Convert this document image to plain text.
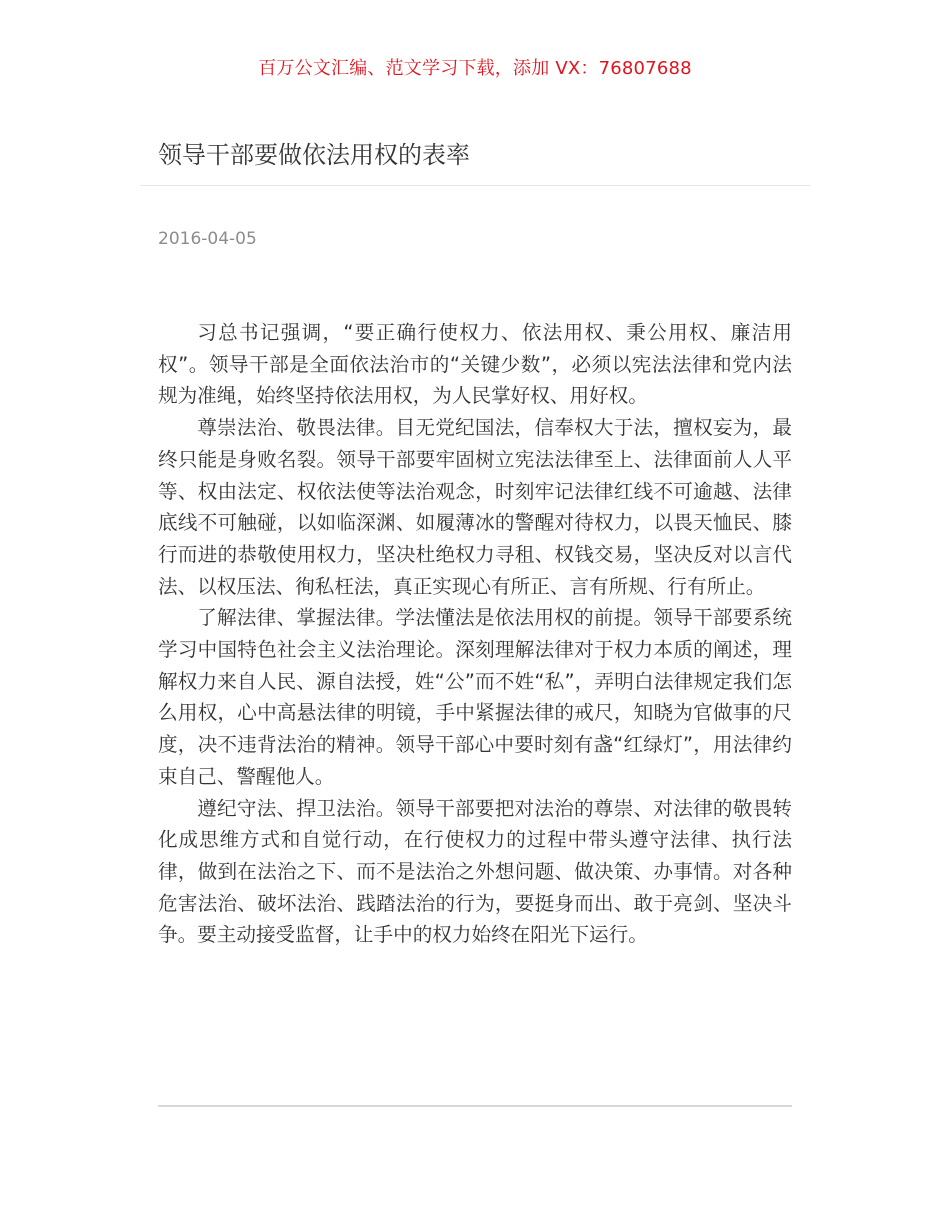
百万公文汇编、范文学习下载，添加 VX：76807688
领导干部要做依法用权的表率
2016-04-05

习总书记强调，“要正确行使权力、依法用权、秉公用权、廉洁用权”。领导干部是全面依法治市的“关键少数”，必须以宪法法律和党内法规为准绳，始终坚持依法用权，为人民掌好权、用好权。

尊崇法治、敬畏法律。目无党纪国法，信奉权大于法，擅权妄为，最终只能是身败名裂。领导干部要牢固树立宪法法律至上、法律面前人人平等、权由法定、权依法使等法治观念，时刻牢记法律红线不可逾越、法律底线不可触碰，以如临深渊、如履薄冰的警醒对待权力，以畏天恤民、膝行而进的恭敬使用权力，坚决杜绝权力寻租、权钱交易，坚决反对以言代法、以权压法、徇私枉法，真正实现心有所正、言有所规、行有所止。

了解法律、掌握法律。学法懂法是依法用权的前提。领导干部要系统学习中国特色社会主义法治理论。深刻理解法律对于权力本质的阐述，理解权力来自人民、源自法授，姓“公”而不姓“私”，弄明白法律规定我们怎么用权，心中高悬法律的明镜，手中紧握法律的戒尺，知晓为官做事的尺度，决不违背法治的精神。领导干部心中要时刻有盏“红绿灯”，用法律约束自己、警醒他人。

遵纪守法、捍卫法治。领导干部要把对法治的尊崇、对法律的敬畏转化成思维方式和自觉行动，在行使权力的过程中带头遵守法律、执行法律，做到在法治之下、而不是法治之外想问题、做决策、办事情。对各种危害法治、破坏法治、践踏法治的行为，要挺身而出、敢于亮剑、坚决斗争。要主动接受监督，让手中的权力始终在阳光下运行。
